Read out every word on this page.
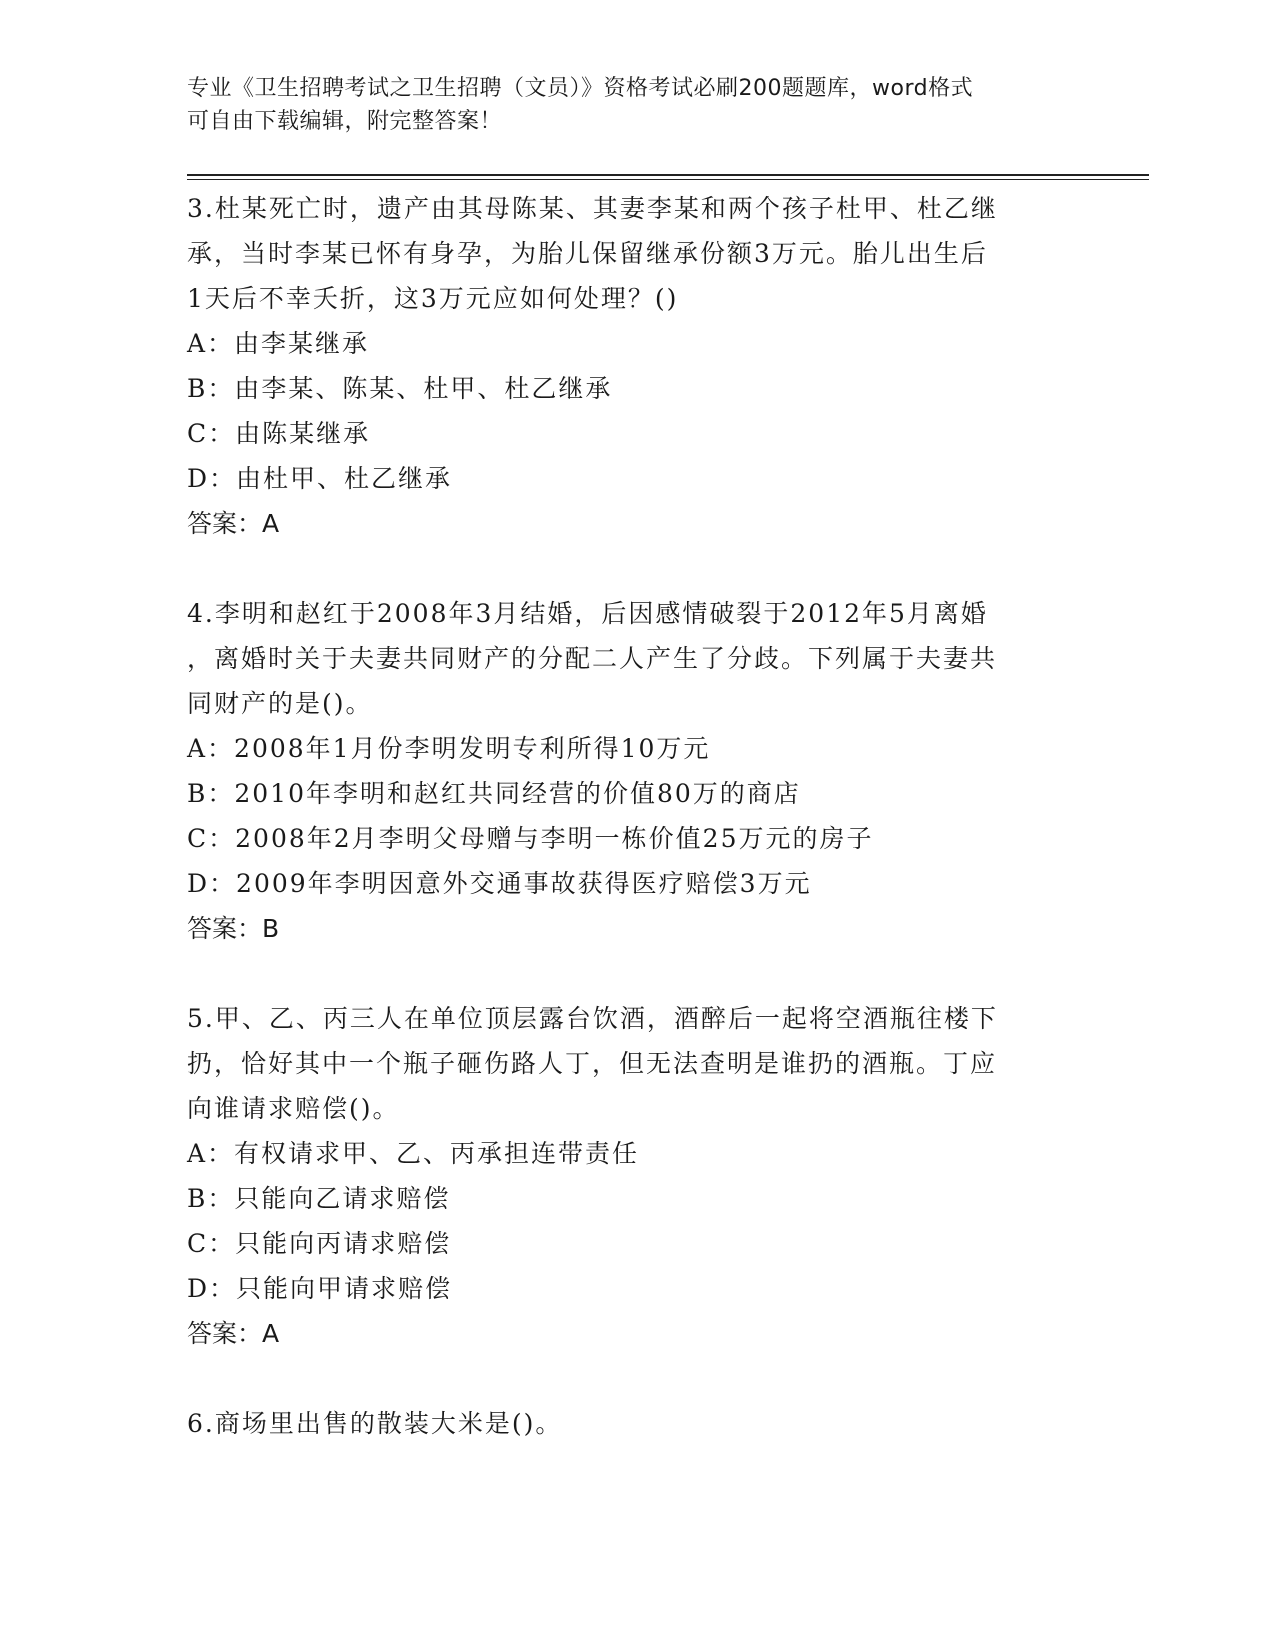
专业《卫生招聘考试之卫生招聘（文员）》资格考试必刷200题题库，word格式
可自由下载编辑，附完整答案！
3.杜某死亡时，遗产由其母陈某、其妻李某和两个孩子杜甲、杜乙继
承，当时李某已怀有身孕，为胎儿保留继承份额3万元。胎儿出生后
1天后不幸夭折，这3万元应如何处理？()
A：由李某继承
B：由李某、陈某、杜甲、杜乙继承
C：由陈某继承
D：由杜甲、杜乙继承
答案：A
4.李明和赵红于2008年3月结婚，后因感情破裂于2012年5月离婚
，离婚时关于夫妻共同财产的分配二人产生了分歧。下列属于夫妻共
同财产的是()。
A：2008年1月份李明发明专利所得10万元
B：2010年李明和赵红共同经营的价值80万的商店
C：2008年2月李明父母赠与李明一栋价值25万元的房子
D：2009年李明因意外交通事故获得医疗赔偿3万元
答案：B
5.甲、乙、丙三人在单位顶层露台饮酒，酒醉后一起将空酒瓶往楼下
扔，恰好其中一个瓶子砸伤路人丁，但无法查明是谁扔的酒瓶。丁应
向谁请求赔偿()。
A：有权请求甲、乙、丙承担连带责任
B：只能向乙请求赔偿
C：只能向丙请求赔偿
D：只能向甲请求赔偿
答案：A
6.商场里出售的散装大米是()。
